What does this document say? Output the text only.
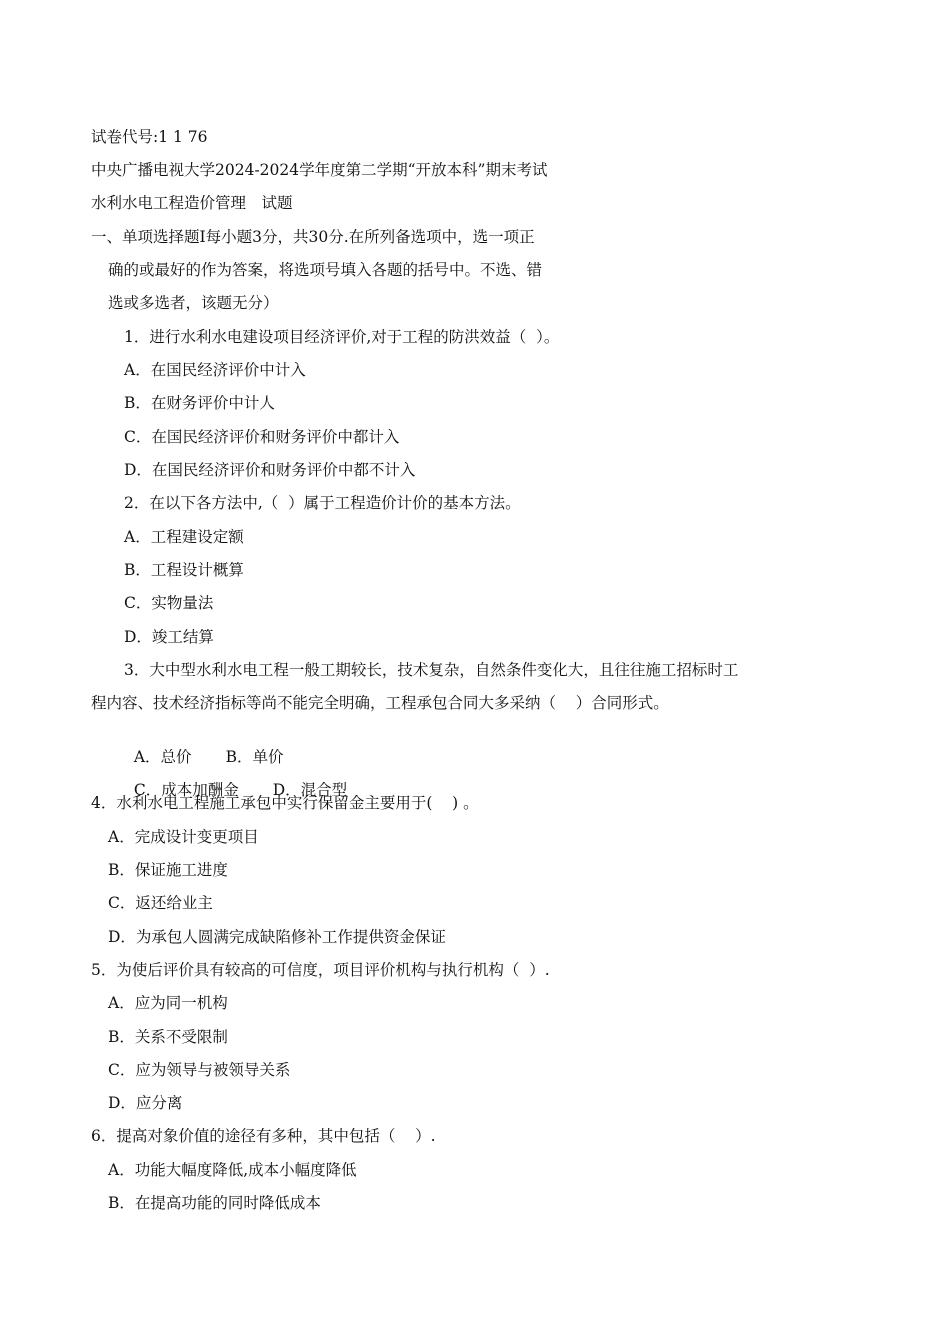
试卷代号:1 1 76
中央广播电视大学2024-2024学年度第二学期“开放本科”期末考试
水利水电工程造价管理　试题
一、单项选择题I每小题3分，共30分.在所列备选项中，选一项正
确的或最好的作为答案，将选项号填入各题的括号中。不选、错
选或多选者，该题无分）
1．进行水利水电建设项目经济评价,对于工程的防洪效益（  ）。
A．在国民经济评价中计入
B．在财务评价中计人
C．在国民经济评价和财务评价中都计入
D．在国民经济评价和财务评价中都不计入
2．在以下各方法中,（  ）属于工程造价计价的基本方法。
A．工程建设定额
B．工程设计概算
C．实物量法
D．竣工结算
3．大中型水利水电工程一般工期较长，技术复杂，自然条件变化大，且往往施工招标时工
程内容、技术经济指标等尚不能完全明确，工程承包合同大多采纳（    ）合同形式。

A．总价 B．单价

C．成本加酬金 D．混合型

4．水利水电工程施工承包中实行保留金主要用于(    ) 。
A．完成设计变更项目
B．保证施工进度
C．返还给业主
D．为承包人圆满完成缺陷修补工作提供资金保证
5．为使后评价具有较高的可信度，项目评价机构与执行机构（  ）.
A．应为同一机构
B．关系不受限制
C．应为领导与被领导关系
D．应分离
6．提高对象价值的途径有多种，其中包括（    ）.
A．功能大幅度降低,成本小幅度降低
B．在提高功能的同时降低成本
